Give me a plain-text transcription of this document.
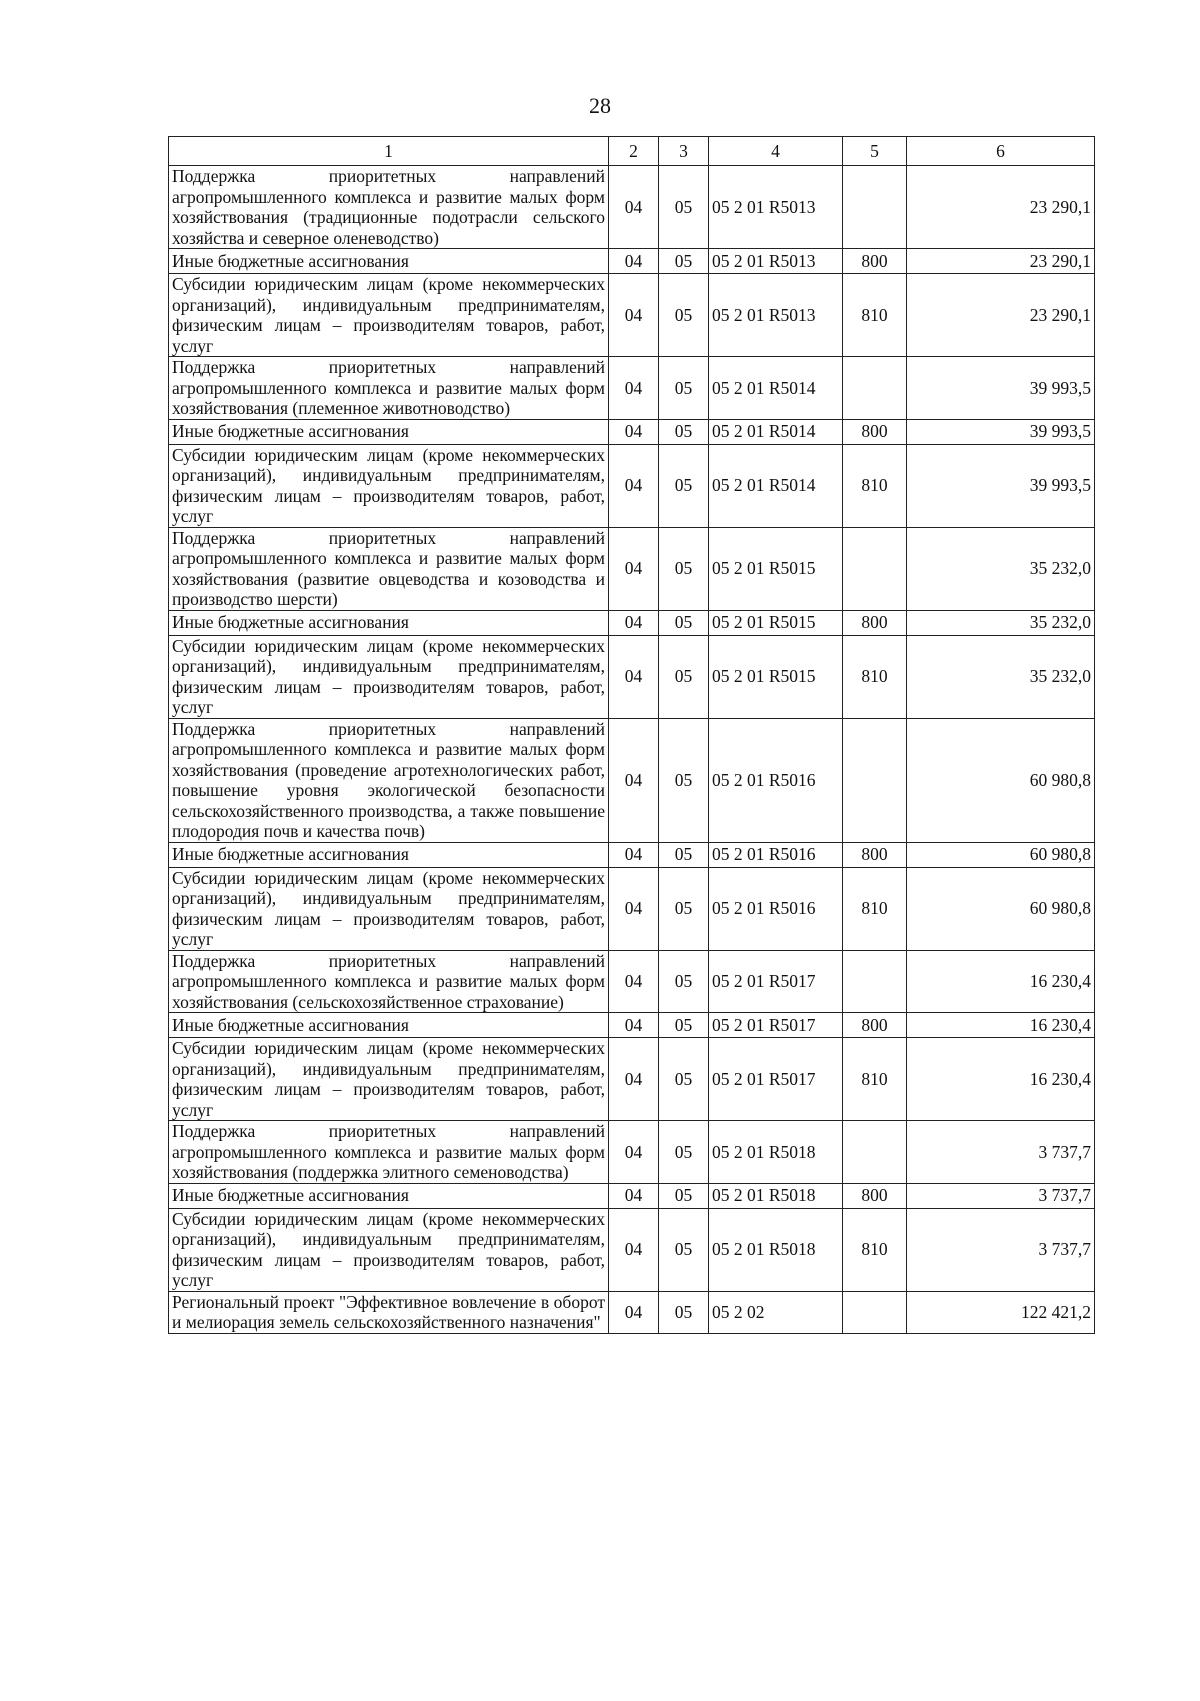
28
1	2	3	4	5	6
Поддержка приоритетных направлений агропромышленного комплекса и развитие малых форм хозяйствования (традиционные подотрасли сельского хозяйства и северное оленеводство)	04	05	05 2 01 R5013		23 290,1
Иные бюджетные ассигнования	04	05	05 2 01 R5013	800	23 290,1
Субсидии юридическим лицам (кроме некоммерческих организаций), индивидуальным предпринимателям, физическим лицам – производителям товаров, работ, услуг	04	05	05 2 01 R5013	810	23 290,1
Поддержка приоритетных направлений агропромышленного комплекса и развитие малых форм хозяйствования (племенное животноводство)	04	05	05 2 01 R5014		39 993,5
Иные бюджетные ассигнования	04	05	05 2 01 R5014	800	39 993,5
Субсидии юридическим лицам (кроме некоммерческих организаций), индивидуальным предпринимателям, физическим лицам – производителям товаров, работ, услуг	04	05	05 2 01 R5014	810	39 993,5
Поддержка приоритетных направлений агропромышленного комплекса и развитие малых форм хозяйствования (развитие овцеводства и козоводства и производство шерсти)	04	05	05 2 01 R5015		35 232,0
Иные бюджетные ассигнования	04	05	05 2 01 R5015	800	35 232,0
Субсидии юридическим лицам (кроме некоммерческих организаций), индивидуальным предпринимателям, физическим лицам – производителям товаров, работ, услуг	04	05	05 2 01 R5015	810	35 232,0
Поддержка приоритетных направлений агропромышленного комплекса и развитие малых форм хозяйствования (проведение агротехнологических работ, повышение уровня экологической безопасности сельскохозяйственного производства, а также повышение плодородия почв и качества почв)	04	05	05 2 01 R5016		60 980,8
Иные бюджетные ассигнования	04	05	05 2 01 R5016	800	60 980,8
Субсидии юридическим лицам (кроме некоммерческих организаций), индивидуальным предпринимателям, физическим лицам – производителям товаров, работ, услуг	04	05	05 2 01 R5016	810	60 980,8
Поддержка приоритетных направлений агропромышленного комплекса и развитие малых форм хозяйствования (сельскохозяйственное страхование)	04	05	05 2 01 R5017		16 230,4
Иные бюджетные ассигнования	04	05	05 2 01 R5017	800	16 230,4
Субсидии юридическим лицам (кроме некоммерческих организаций), индивидуальным предпринимателям, физическим лицам – производителям товаров, работ, услуг	04	05	05 2 01 R5017	810	16 230,4
Поддержка приоритетных направлений агропромышленного комплекса и развитие малых форм хозяйствования (поддержка элитного семеноводства)	04	05	05 2 01 R5018		3 737,7
Иные бюджетные ассигнования	04	05	05 2 01 R5018	800	3 737,7
Субсидии юридическим лицам (кроме некоммерческих организаций), индивидуальным предпринимателям, физическим лицам – производителям товаров, работ, услуг	04	05	05 2 01 R5018	810	3 737,7
Региональный проект "Эффективное вовлечение в оборот и мелиорация земель сельскохозяйственного назначения"	04	05	05 2 02		122 421,2
